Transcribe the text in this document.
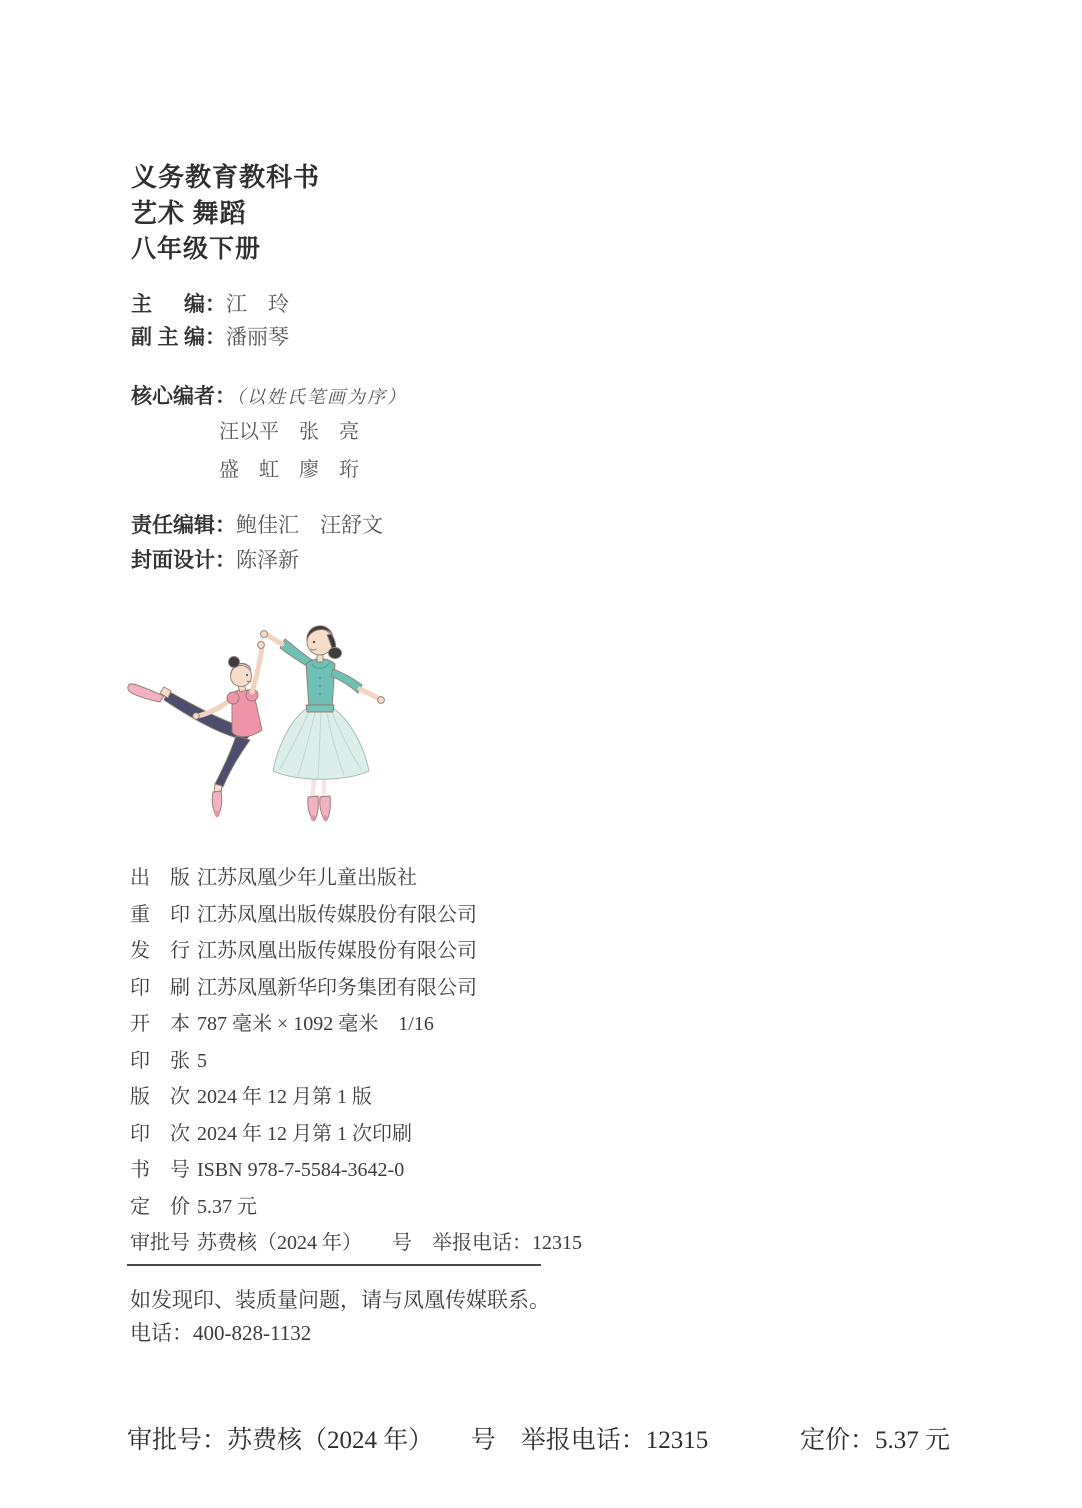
义务教育教科书
艺术 舞蹈
八年级下册
主编：江　玲
副主编：潘丽琴
核心编者：（以姓氏笔画为序）
汪以平　张　亮
盛　虹　廖　珩
责任编辑：鲍佳汇　汪舒文
封面设计：陈泽新
出版 江苏凤凰少年儿童出版社
重印 江苏凤凰出版传媒股份有限公司
发行 江苏凤凰出版传媒股份有限公司
印刷 江苏凤凰新华印务集团有限公司
开本 787 毫米 × 1092 毫米　1/16
印张 5
版次 2024 年 12 月第 1 版
印次 2024 年 12 月第 1 次印刷
书号 ISBN 978-7-5584-3642-0
定价 5.37 元
审批号 苏费核（2024 年）　　号　举报电话：12315
如发现印、装质量问题，请与凤凰传媒联系。
电话：400-828-1132
审批号：苏费核（2024 年）　　号　举报电话：12315	定价：5.37 元
